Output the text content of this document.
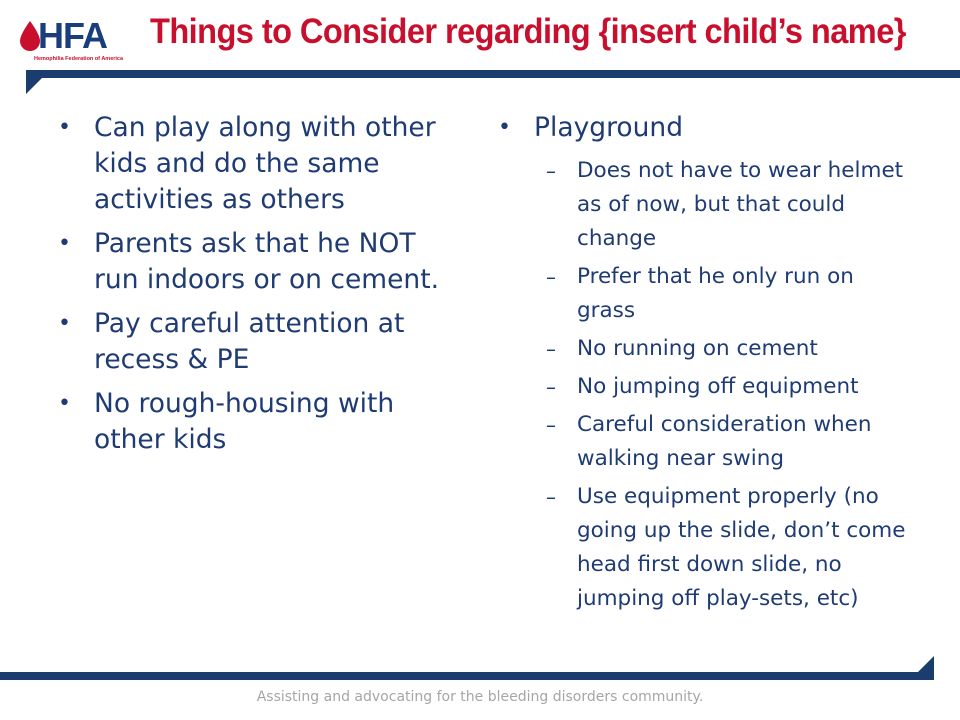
HFA
Hemophilia Federation of America
Things to Consider regarding {insert child’s name}
• Can play along with other kids and do the same activities as others
• Parents ask that he NOT run indoors or on cement.
• Pay careful attention at recess & PE
• No rough-housing with other kids
• Playground
– Does not have to wear helmet as of now, but that could change
– Prefer that he only run on grass
– No running on cement
– No jumping off equipment
– Careful consideration when walking near swing
– Use equipment properly (no going up the slide, don’t come head first down slide, no jumping off play-sets, etc)
Assisting and advocating for the bleeding disorders community.
